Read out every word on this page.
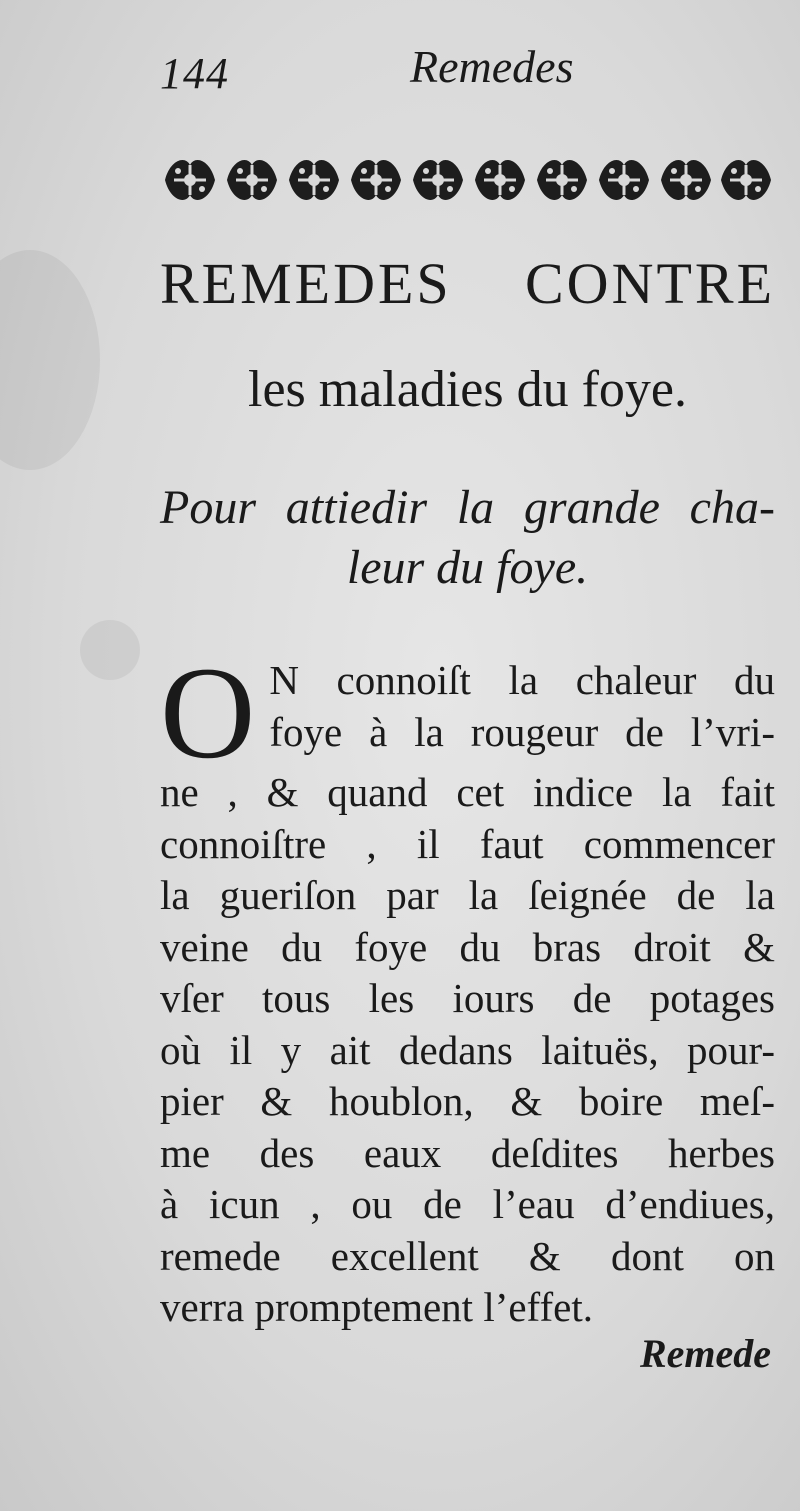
144	Remedes
REMEDES CONTRE
les maladies du foye.
Pour attiedir la grande cha-
leur du foye.
O N connoiſt la chaleur du
foye à la rougeur de l’vri-
ne , & quand cet indice la fait
connoiſtre , il faut commencer
la gueriſon par la ſeignée de la
veine du foye du bras droit &
vſer tous les iours de potages
où il y ait dedans laituës, pour-
pier & houblon, & boire meſ-
me des eaux deſdites herbes
à icun , ou de l’eau d’endiues,
remede excellent & dont on
verra promptement l’effet.
Remede
